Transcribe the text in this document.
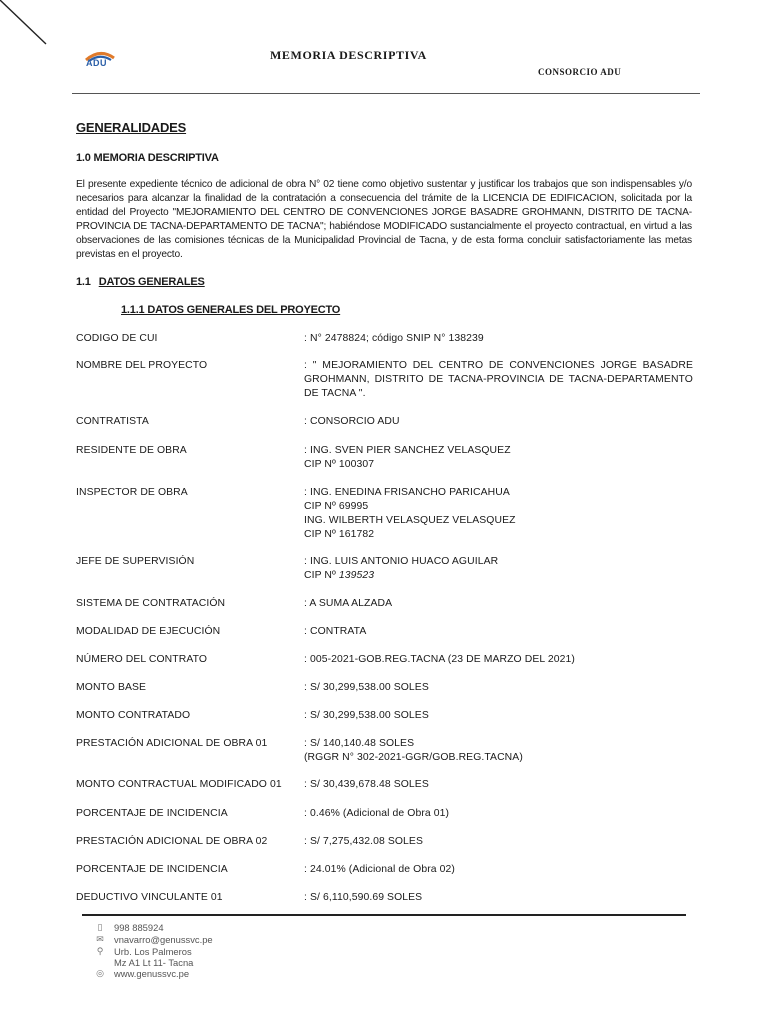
ADU
MEMORIA DESCRIPTIVA
CONSORCIO ADU
GENERALIDADES
1.0 MEMORIA DESCRIPTIVA
El presente expediente técnico de adicional de obra N° 02 tiene como objetivo sustentar y justificar los trabajos que son indispensables y/o necesarios para alcanzar la finalidad de la contratación a consecuencia del trámite de la LICENCIA DE EDIFICACION, solicitada por la entidad del Proyecto "MEJORAMIENTO DEL CENTRO DE CONVENCIONES JORGE BASADRE GROHMANN, DISTRITO DE TACNA-PROVINCIA DE TACNA-DEPARTAMENTO DE TACNA"; habiéndose MODIFICADO sustancialmente el proyecto contractual, en virtud a las observaciones de las comisiones técnicas de la Municipalidad Provincial de Tacna, y de esta forma concluir satisfactoriamente las metas previstas en el proyecto.
1.1 DATOS GENERALES
1.1.1 DATOS GENERALES DEL PROYECTO
CODIGO DE CUI	: N° 2478824; código SNIP N° 138239
NOMBRE DEL PROYECTO	: " MEJORAMIENTO DEL CENTRO DE CONVENCIONES JORGE BASADRE GROHMANN, DISTRITO DE TACNA-PROVINCIA DE TACNA-DEPARTAMENTO DE TACNA ".
CONTRATISTA	: CONSORCIO ADU
RESIDENTE DE OBRA	: ING. SVEN PIER SANCHEZ VELASQUEZ
CIP Nº 100307
INSPECTOR DE OBRA	: ING. ENEDINA FRISANCHO PARICAHUA
CIP Nº 69995
ING. WILBERTH VELASQUEZ VELASQUEZ
CIP Nº 161782
JEFE DE SUPERVISIÓN	: ING. LUIS ANTONIO HUACO AGUILAR
CIP Nº 139523
SISTEMA DE CONTRATACIÓN	: A SUMA ALZADA
MODALIDAD DE EJECUCIÓN	: CONTRATA
NÚMERO DEL CONTRATO	: 005-2021-GOB.REG.TACNA (23 DE MARZO DEL 2021)
MONTO BASE	: S/ 30,299,538.00 SOLES
MONTO CONTRATADO	: S/ 30,299,538.00 SOLES
PRESTACIÓN ADICIONAL DE OBRA 01	: S/ 140,140.48 SOLES
(RGGR N° 302-2021-GGR/GOB.REG.TACNA)
MONTO CONTRACTUAL MODIFICADO 01	: S/ 30,439,678.48 SOLES
PORCENTAJE DE INCIDENCIA	: 0.46% (Adicional de Obra 01)
PRESTACIÓN ADICIONAL DE OBRA 02	: S/ 7,275,432.08 SOLES
PORCENTAJE DE INCIDENCIA	: 24.01% (Adicional de Obra 02)
DEDUCTIVO VINCULANTE 01	: S/ 6,110,590.69 SOLES
▯	998 885924
✉ vnavarro@genussvc.pe
⚲ Urb. Los Palmeros
Mz A1 Lt 11- Tacna
◎ www.genussvc.pe
